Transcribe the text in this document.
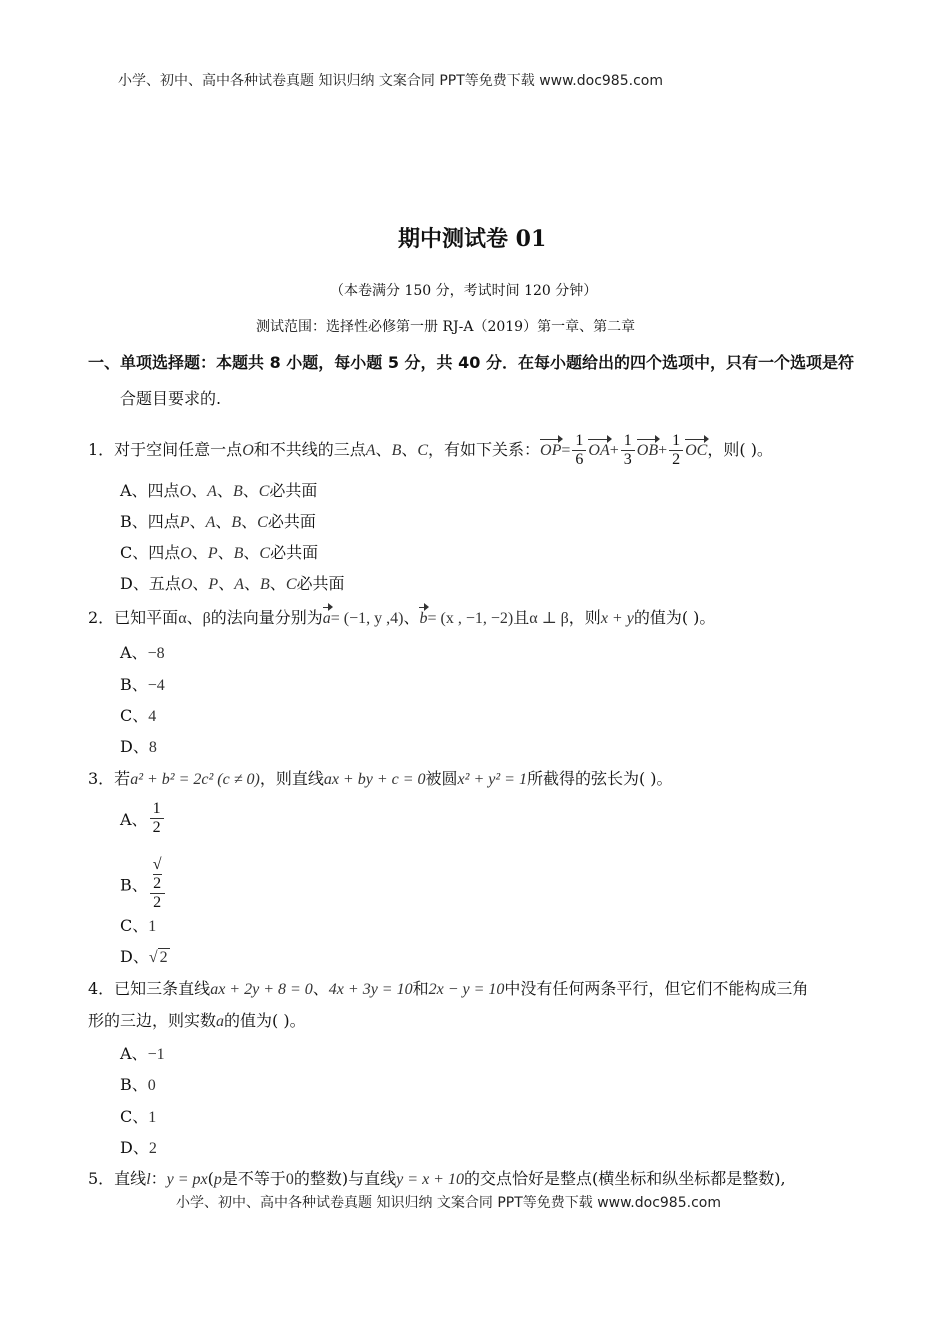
小学、初中、高中各种试卷真题 知识归纳 文案合同 PPT等免费下载 www.doc985.com
期中测试卷 01
（本卷满分 150 分，考试时间 120 分钟）
测试范围：选择性必修第一册 RJ-A（2019）第一章、第二章
一、单项选择题：本题共 8 小题，每小题 5 分，共 40 分．在每小题给出的四个选项中，只有一个选项是符
合题目要求的.
1．对于空间任意一点O和不共线的三点A、B、C，有如下关系：$OP= \frac{1}{6} OA+ \frac{1}{3} OB+ \frac{1}{2}$ OC，则( )。
A、四点O、A、B、C必共面
B、四点P、A、B、C必共面
C、四点O、P、B、C必共面
D、五点O、P、A、B、C必共面
2．已知平面α、β的法向量分别为a= (−1, y ,4)、b= (x , −1, −2)且α ⊥ β，则x + y的值为( )。
A、−8
B、−4
C、4
D、8
3．若a² + b² = 2c² (c ≠ 0)，则直线ax + by + c = 0被圆x² + y² = 1所截得的弦长为( )。
A、 $\frac{1}{2}$
B、 √
2
2
C、1
D、√ 2
4．已知三条直线ax + 2y + 8 = 0、4x + 3y = 10和2x − y = 10中没有任何两条平行，但它们不能构成三角
形的三边，则实数a的值为( )。
A、−1
B、0
C、1
D、2
5．直线l：y = px(p是不等于0的整数)与直线y = x + 10的交点恰好是整点(横坐标和纵坐标都是整数),
小学、初中、高中各种试卷真题 知识归纳 文案合同 PPT等免费下载 www.doc985.com
